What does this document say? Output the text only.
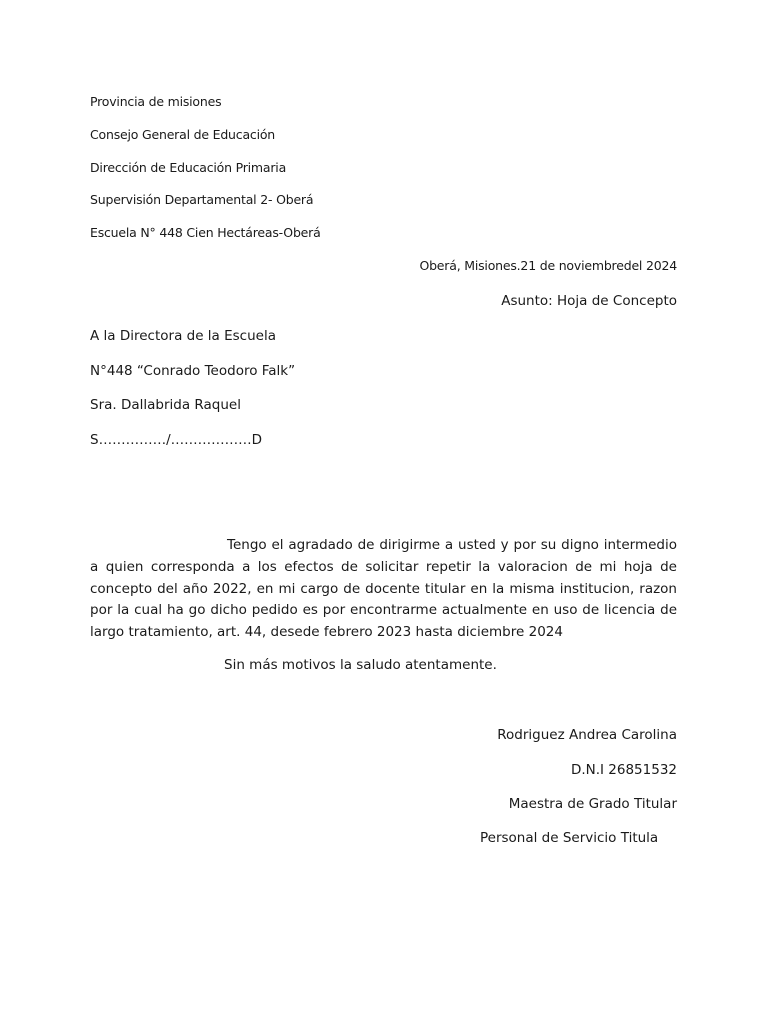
Provincia de misiones
Consejo General de Educación
Dirección de Educación Primaria
Supervisión Departamental 2- Oberá
Escuela N° 448 Cien Hectáreas-Oberá
Oberá, Misiones.21 de noviembredel 2024
Asunto: Hoja de Concepto
A la Directora de la Escuela
N°448 “Conrado Teodoro Falk”
Sra. Dallabrida Raquel
S……………/………………D

Tengo el agradado de dirigirme a usted y por su digno intermedio a quien corresponda a los efectos de solicitar repetir la valoracion de mi hoja de concepto del año 2022, en mi cargo de docente titular en la misma institucion, razon por la cual ha go dicho pedido es por encontrarme actualmente en uso de licencia de largo tratamiento, art. 44, desede febrero 2023 hasta diciembre 2024

Sin más motivos la saludo atentamente.
Rodriguez Andrea Carolina
D.N.I 26851532
Maestra de Grado Titular
Personal de Servicio Titula
